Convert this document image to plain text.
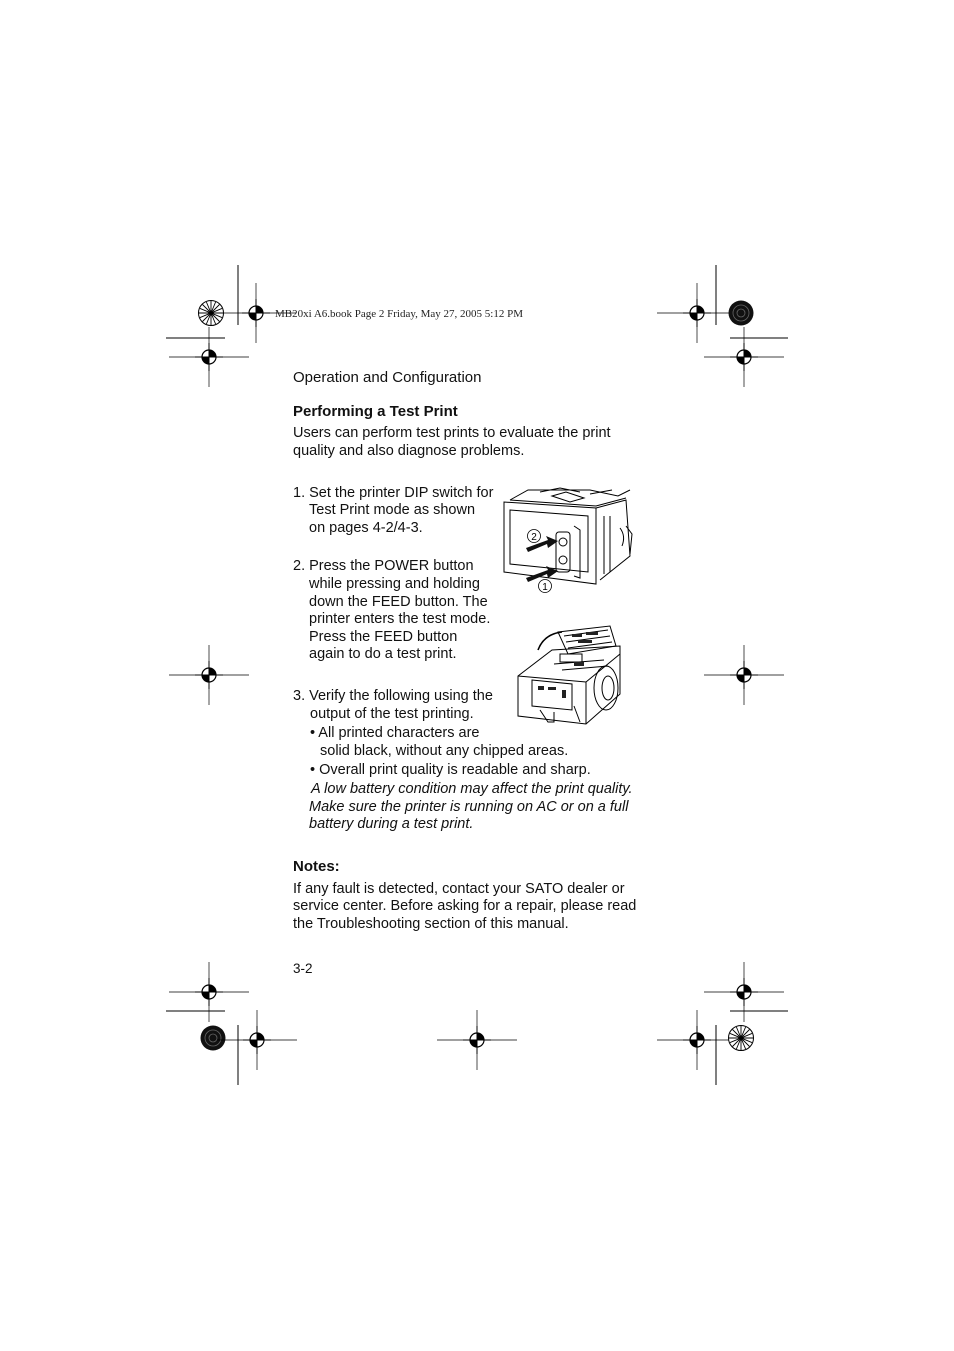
MB20xi A6.book Page 2 Friday, May 27, 2005 5:12 PM
Operation and Configuration
Performing a Test Print
Users can perform test prints to evaluate the print
quality and also diagnose problems.
1. Set the printer DIP switch for
Test Print mode as shown
on pages 4-2/4-3.
2. Press the POWER button
while pressing and holding
down the FEED button. The
printer enters the test mode.
Press the FEED button
again to do a test print.
3. Verify the following using the
output of the test printing.
• All printed characters are
solid black, without any chipped areas.
• Overall print quality is readable and sharp.
A low battery condition may affect the print quality.
Make sure the printer is running on AC or on a full
battery during a test print.
Notes:
If any fault is detected, contact your SATO dealer or
service center. Before asking for a repair, please read
the Troubleshooting section of this manual.
3-2
2
1
